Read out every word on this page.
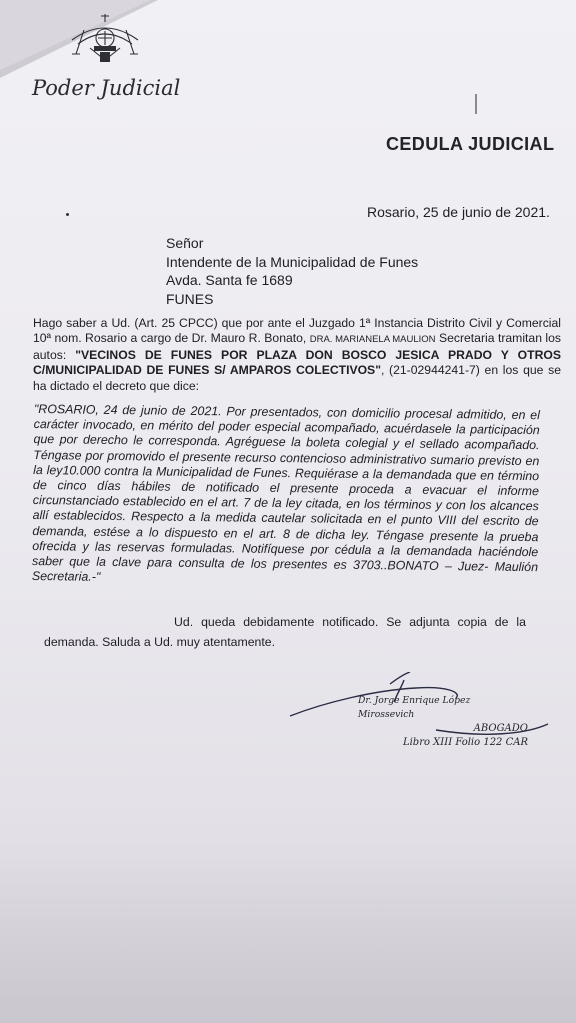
Poder Judicial
CEDULA JUDICIAL
Rosario, 25 de junio de 2021.
Señor
Intendente de la Municipalidad de Funes
Avda. Santa fe 1689
FUNES
Hago saber a Ud. (Art. 25 CPCC) que por ante el Juzgado 1ª Instancia Distrito Civil y Comercial 10ª nom. Rosario a cargo de Dr. Mauro R. Bonato, DRA. MARIANELA MAULION Secretaria tramitan los autos: "VECINOS DE FUNES POR PLAZA DON BOSCO JESICA PRADO Y OTROS C/MUNICIPALIDAD DE FUNES S/ AMPAROS COLECTIVOS", (21-02944241-7) en los que se ha dictado el decreto que dice:
"ROSARIO, 24 de junio de 2021. Por presentados, con domicilio procesal admitido, en el carácter invocado, en mérito del poder especial acompañado, acuérdasele la participación que por derecho le corresponda. Agréguese la boleta colegial y el sellado acompañado. Téngase por promovido el presente recurso contencioso administrativo sumario previsto en la ley10.000 contra la Municipalidad de Funes. Requiérase a la demandada que en término de cinco días hábiles de notificado el presente proceda a evacuar el informe circunstanciado establecido en el art. 7 de la ley citada, en los términos y con los alcances allí establecidos. Respecto a la medida cautelar solicitada en el punto VIII del escrito de demanda, estése a lo dispuesto en el art. 8 de dicha ley. Téngase presente la prueba ofrecida y las reservas formuladas. Notifíquese por cédula a la demandada haciéndole saber que la clave para consulta de los presentes es 3703..BONATO – Juez- Maulión Secretaria.-"
Ud. queda debidamente notificado. Se adjunta copia de la demanda. Saluda a Ud. muy atentamente.
Dr. Jorge Enrique López Mirossevich
ABOGADO
Libro XIII Folio 122 CAR
